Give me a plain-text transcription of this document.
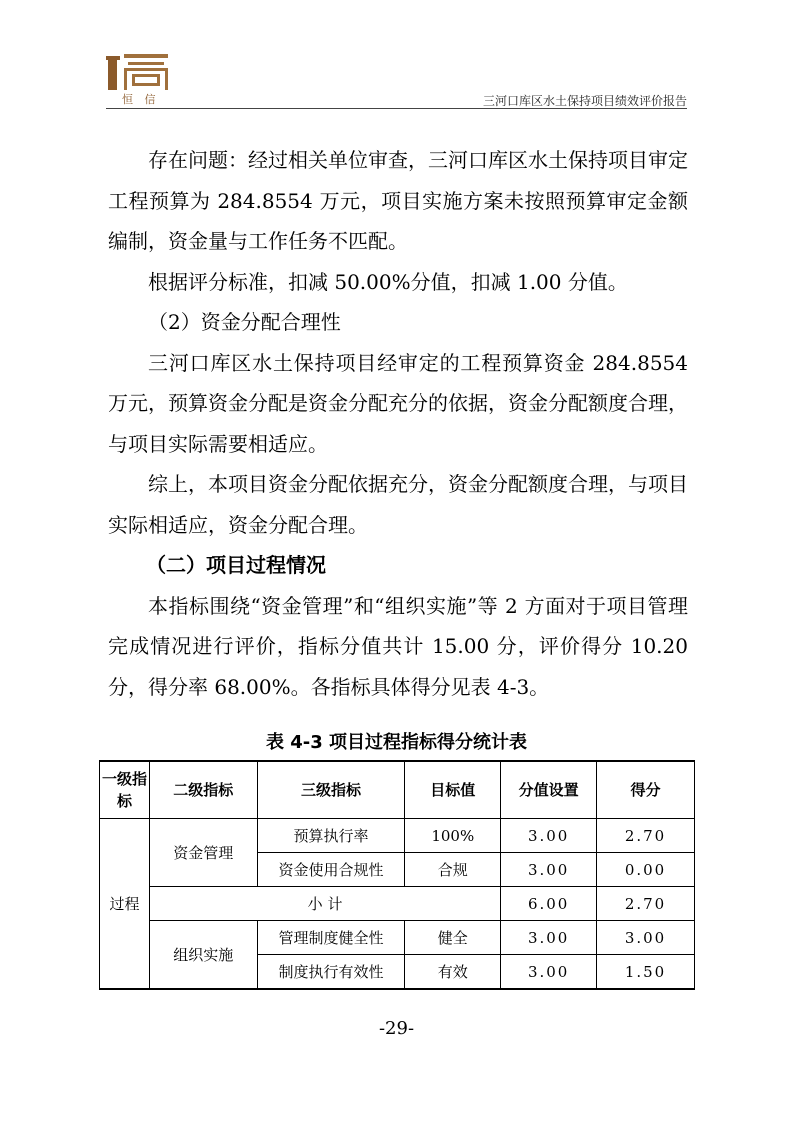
恒 信	三河口库区水土保持项目绩效评价报告

存在问题：经过相关单位审查，三河口库区水土保持项目审定工程预算为 284.8554 万元，项目实施方案未按照预算审定金额编制，资金量与工作任务不匹配。

根据评分标准，扣减 50.00%分值，扣减 1.00 分值。

（2）资金分配合理性

三河口库区水土保持项目经审定的工程预算资金 284.8554 万元，预算资金分配是资金分配充分的依据，资金分配额度合理，与项目实际需要相适应。

综上，本项目资金分配依据充分，资金分配额度合理，与项目实际相适应，资金分配合理。

（二）项目过程情况

本指标围绕“资金管理”和“组织实施”等 2 方面对于项目管理完成情况进行评价，指标分值共计 15.00 分，评价得分 10.20 分，得分率 68.00%。各指标具体得分见表 4-3。

表 4-3 项目过程指标得分统计表
一级指标	二级指标	三级指标	目标值	分值设置	得分
过程	资金管理	预算执行率	100%	3.00	2.70
		资金使用合规性	合规	3.00	0.00
	小 计			6.00	2.70
	组织实施	管理制度健全性	健全	3.00	3.00
		制度执行有效性	有效	3.00	1.50
-29-
